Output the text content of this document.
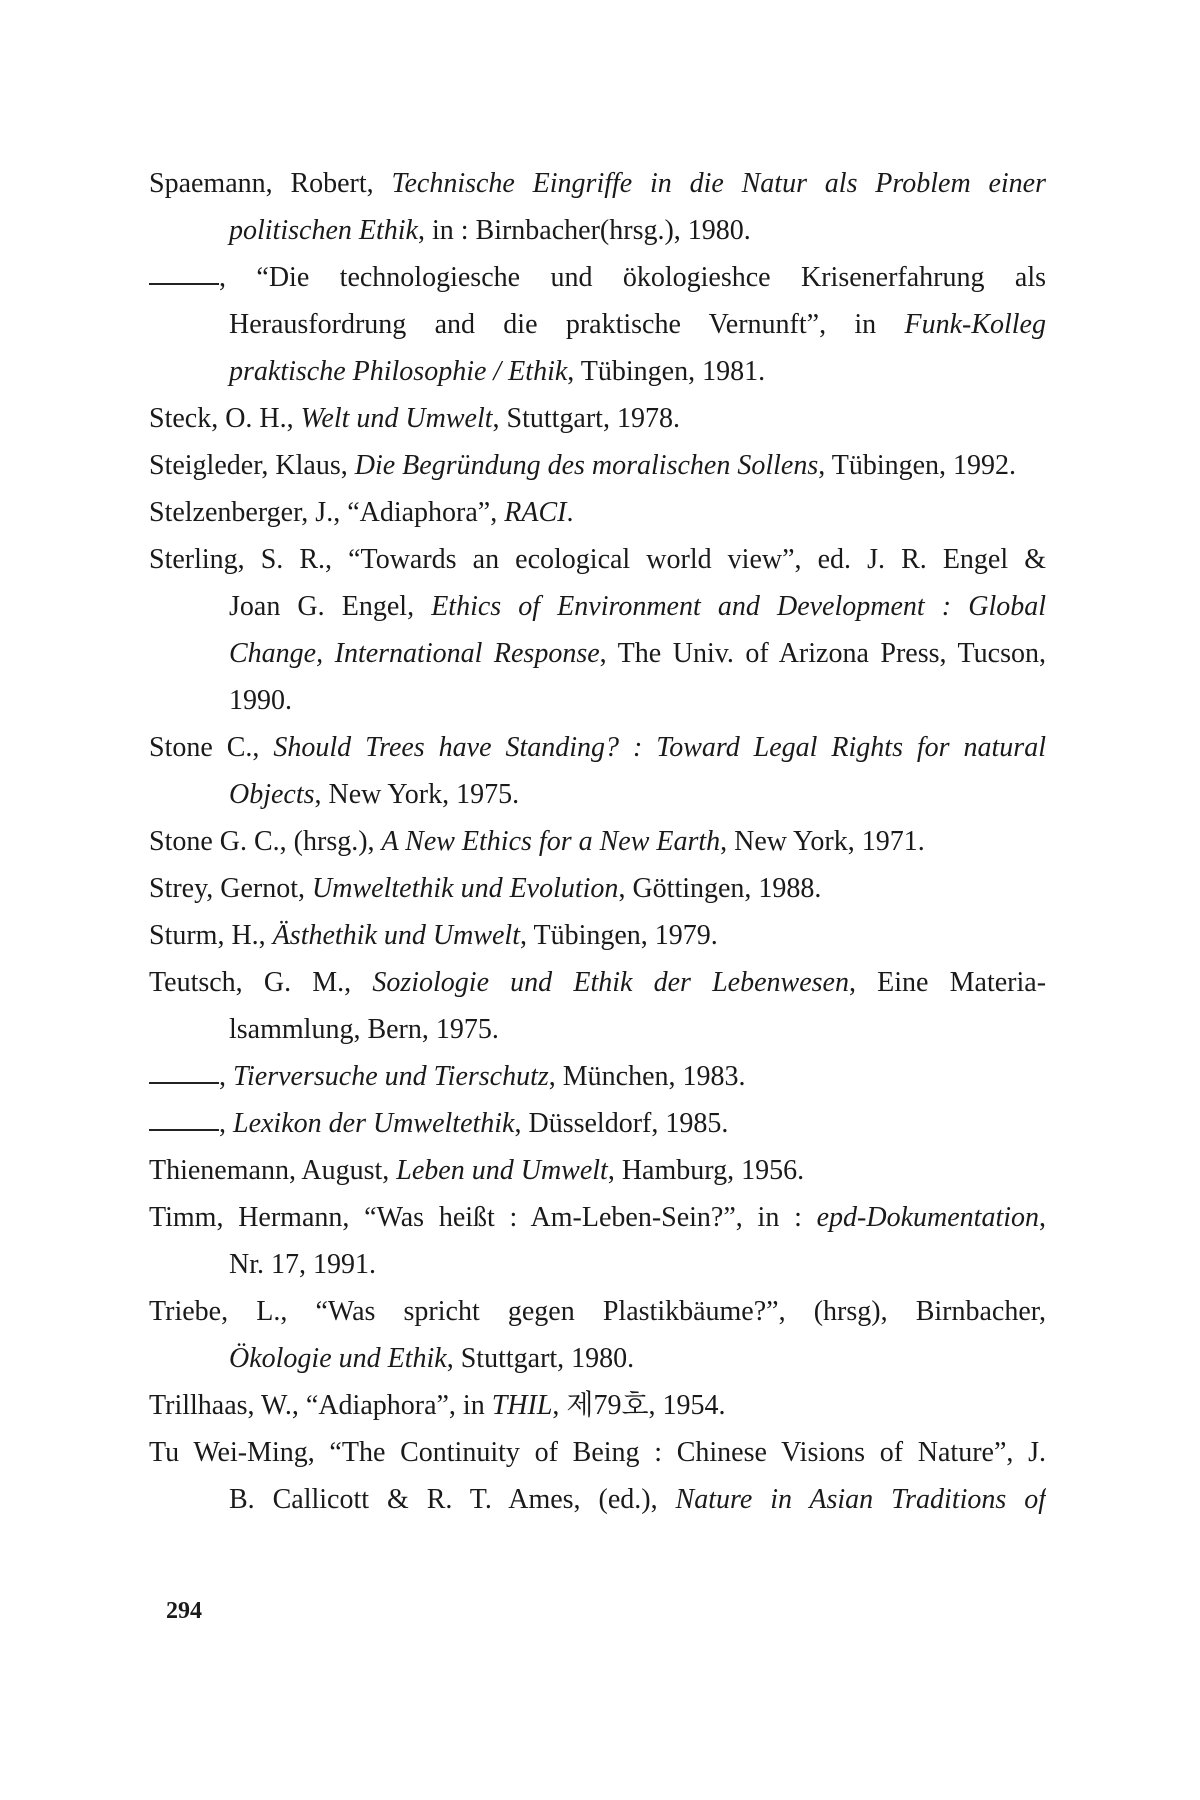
Spaemann, Robert, Technische Eingriffe in die Natur als Problem einer
politischen Ethik, in : Birnbacher(hrsg.), 1980.
, “Die technologiesche und ökologieshce Krisenerfahrung als
Herausfordrung and die praktische Vernunft”, in Funk-Kolleg
praktische Philosophie / Ethik, Tübingen, 1981.
Steck, O. H., Welt und Umwelt, Stuttgart, 1978.
Steigleder, Klaus, Die Begründung des moralischen Sollens, Tübingen, 1992.
Stelzenberger, J., “Adiaphora”, RACI.
Sterling, S. R., “Towards an ecological world view”, ed. J. R. Engel &
Joan G. Engel, Ethics of Environment and Development : Global
Change, International Response, The Univ. of Arizona Press, Tucson,
1990.
Stone C., Should Trees have Standing? : Toward Legal Rights for natural
Objects, New York, 1975.
Stone G. C., (hrsg.), A New Ethics for a New Earth, New York, 1971.
Strey, Gernot, Umweltethik und Evolution, Göttingen, 1988.
Sturm, H., Ästhethik und Umwelt, Tübingen, 1979.
Teutsch, G. M., Soziologie und Ethik der Lebenwesen, Eine Materia-
lsammlung, Bern, 1975.
, Tierversuche und Tierschutz, München, 1983.
, Lexikon der Umweltethik, Düsseldorf, 1985.
Thienemann, August, Leben und Umwelt, Hamburg, 1956.
Timm, Hermann, “Was heißt : Am-Leben-Sein?”, in : epd-Dokumentation,
Nr. 17, 1991.
Triebe, L., “Was spricht gegen Plastikbäume?”, (hrsg), Birnbacher,
Ökologie und Ethik, Stuttgart, 1980.
Trillhaas, W., “Adiaphora”, in THIL, 제79호, 1954.
Tu Wei-Ming, “The Continuity of Being : Chinese Visions of Nature”, J.
B. Callicott & R. T. Ames, (ed.), Nature in Asian Traditions of
294
